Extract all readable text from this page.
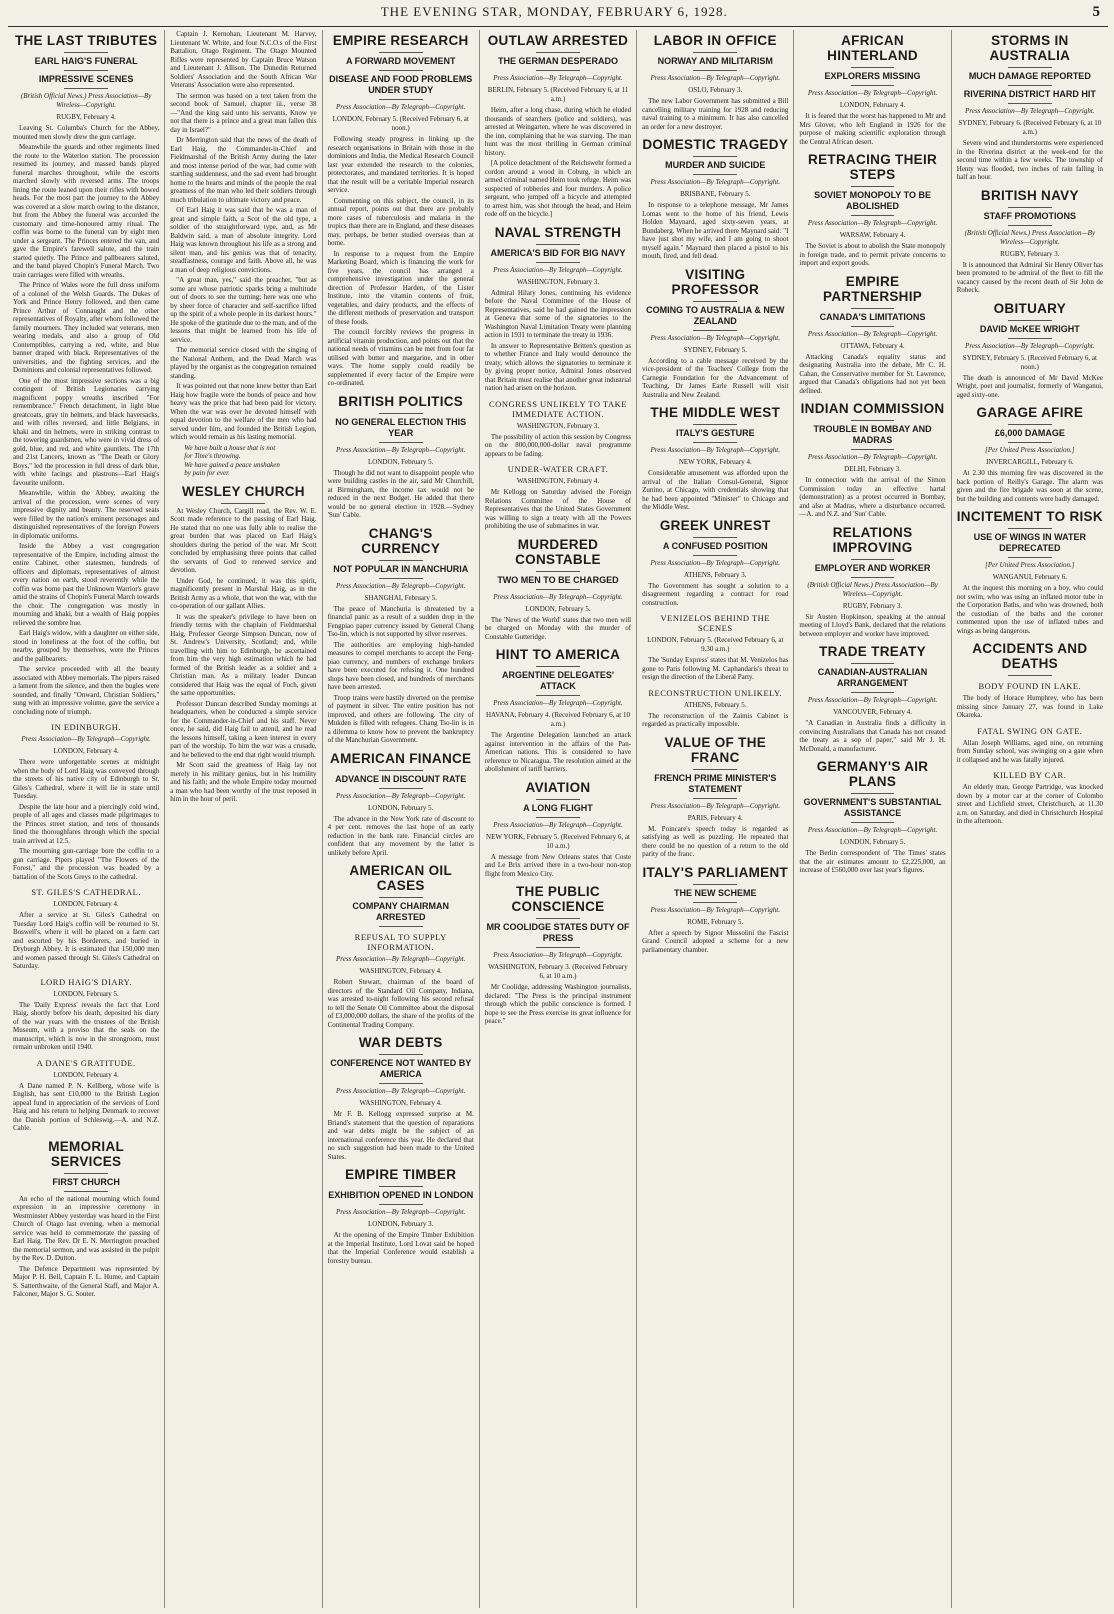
THE EVENING STAR, MONDAY, FEBRUARY 6, 1928.	5
THE LAST TRIBUTES
EARL HAIG'S FUNERAL
IMPRESSIVE SCENES
(British Official News.) Press Association—By Wireless—Copyright.
RUGBY, February 4.

Leaving St. Columba's Church for the Abbey, mounted men slowly drew the gun carriage.

Meanwhile the guards and other regiments lined the route to the Waterloo station. The procession resumed its journey, and massed bands played funeral marches throughout, while the escorts marched slowly with reversed arms. The troops lining the route leaned upon their rifles with bowed heads. For the most part the journey to the Abbey was covered at a slow march owing to the distance, but from the Abbey the funeral was accorded the customary and time-honoured army ritual. The coffin was borne to the funeral van by eight men under a sergeant. The Princes entered the van, and gave the Empire's farewell salute, and the train started quietly. The Prince and pallbearers saluted, and the band played Chopin's Funeral March. Two train carriages were filled with wreaths.

The Prince of Wales wore the full dress uniform of a colonel of the Welsh Guards. The Dukes of York and Prince Henry followed, and then came Prince Arthur of Connaught and the other representatives of Royalty, after whom followed the family mourners. They included war veterans, men wearing medals, and also a group of Old Contemptibles, carrying a red, white, and blue banner draped with black. Representatives of the universities, and the fighting services, and the Dominions and colonial representatives followed.

One of the most impressive sections was a big contingent of British Legionaries carrying magnificent poppy wreaths inscribed "For remembrance." French detachment, in light blue greatcoats, gray tin helmets, and black haversacks, and with rifles reversed, and little Belgians, in khaki and tin helmets, were in striking contrast to the towering guardsmen, who were in vivid dress of gold, blue, and red, and white gauntlets. The 17th and 21st Lancers, known as "The Death or Glory Boys," led the procession in full dress of dark blue, with white facings and plastrons—Earl Haig's favourite uniform.

Meanwhile, within the Abbey, awaiting the arrival of the procession, were scenes of very impressive dignity and beauty. The reserved seats were filled by the nation's eminent personages and distinguished representatives of the foreign Powers in diplomatic uniforms.

Inside the Abbey a vast congregation representative of the Empire, including almost the entire Cabinet, other statesmen, hundreds of officers and diplomats, representatives of almost every nation on earth, stood reverently while the coffin was borne past the Unknown Warrior's grave amid the strains of Chopin's Funeral March towards the choir. The congregation was mostly in mourning and khaki, but a wealth of Haig poppies relieved the sombre hue.

Earl Haig's widow, with a daughter on either side, stood in loneliness at the foot of the coffin, but nearby, grouped by themselves, were the Princes and the pallbearers.

The service proceeded with all the beauty associated with Abbey memorials. The pipers raised a lament from the silence, and then the bugles were sounded, and finally "Onward, Christian Soldiers," sung with an impressive volume, gave the service a concluding note of triumph.

IN EDINBURGH.
Press Association—By Telegraph—Copyright.
LONDON, February 4.

There were unforgettable scenes at midnight when the body of Lord Haig was conveyed through the streets of his native city of Edinburgh to St. Giles's Cathedral, where it will lie in state until Tuesday.

Despite the late hour and a piercingly cold wind, people of all ages and classes made pilgrimages to the Princes street station, and tens of thousands lined the thoroughfares through which the special train arrived at 12.5.

The mourning gun-carriage bore the coffin to a gun carriage. Pipers played "The Flowers of the Forest," and the procession was headed by a battalion of the Scots Greys to the cathedral.

ST. GILES'S CATHEDRAL.
LONDON, February 4.

After a service at St. Giles's Cathedral on Tuesday Lord Haig's coffin will be returned to St. Boswell's, where it will be placed on a farm cart and escorted by his Borderers, and buried in Dryburgh Abbey. It is estimated that 150,000 men and women passed through St. Giles's Cathedral on Saturday.

LORD HAIG'S DIARY.
LONDON, February 5.

The 'Daily Express' reveals the fact that Lord Haig, shortly before his death, deposited his diary of the war years with the trustees of the British Museum, with a proviso that the seals on the manuscript, which is now in the strongroom, must remain unbroken until 1940.

A DANE'S GRATITUDE.
LONDON, February 4.

A Dane named P. N. Kellberg, whose wife is English, has sent £10,000 to the British Legion appeal fund in appreciation of the services of Lord Haig and his return to helping Denmark to recover the Danish portion of Schleswig.—A. and N.Z. Cable.

MEMORIAL SERVICES
FIRST CHURCH

An echo of the national mourning which found expression in an impressive ceremony in Westminster Abbey yesterday was heard in the First Church of Otago last evening, when a memorial service was held to commemorate the passing of Earl Haig. The Rev. Dr E. N. Merrington preached the memorial sermon, and was assisted in the pulpit by the Rev. D. Dutton.

The Defence Department was represented by Major P. H. Bell, Captain F. L. Hume, and Captain S. Satterthwaite, of the General Staff, and Major A. Falconer, Major S. G. Souter.

Captain J. Kernohan, Lieutenant M. Harvey, Lieutenant W. White, and four N.C.O.s of the First Battalion, Otago Regiment. The Otago Mounted Rifles were represented by Captain Bruce Watson and Lieutenant J. Allison. The Dunedin Returned Soldiers' Association and the South African War Veterans' Association were also represented.

The sermon was based on a text taken from the second book of Samuel, chapter iii., verse 38—"And the king said unto his servants, Know ye not that there is a prince and a great man fallen this day in Israel?"

Dr Merrington said that the news of the death of Earl Haig, the Commander-in-Chief and Fieldmarshal of the British Army during the later and most intense period of the war, had come with startling suddenness, and the sad event had brought home to the hearts and minds of the people the real greatness of the man who led their soldiers through much tribulation to ultimate victory and peace.

Of Earl Haig it was said that he was a man of great and simple faith, a Scot of the old type, a soldier of the straightforward type, and, as Mr Baldwin said, a man of absolute integrity. Lord Haig was known throughout his life as a strong and silent man, and his genius was that of tenacity, steadfastness, courage and faith. Above all, he was a man of deep religious convictions.

"A great man, yes," said the preacher, "but as some are whose patriotic sparks bring a multitude out of doors to see the turning; here was one who by sheer force of character and self-sacrifice lifted up the spirit of a whole people in its darkest hours." He spoke of the gratitude due to the man, and of the lessons that might be learned from his life of service.

The memorial service closed with the singing of the National Anthem, and the Dead March was played by the organist as the congregation remained standing.

It was pointed out that none knew better than Earl Haig how fragile were the bonds of peace and how heavy was the price that had been paid for victory. When the war was over he devoted himself with equal devotion to the welfare of the men who had served under him, and founded the British Legion, which would remain as his lasting memorial.

We have built a house that is not
for Time's throwing.
We have gained a peace unshaken
by pain for ever.
WESLEY CHURCH

At Wesley Church, Cargill road, the Rev. W. E. Scott made reference to the passing of Earl Haig. He stated that no one was fully able to realise the great burden that was placed on Earl Haig's shoulders during the period of the war. Mr Scott concluded by emphasising three points that called the servants of God to renewed service and devotion.

Under God, he continued, it was this spirit, magnificently present in Marshal Haig, as in the British Army as a whole, that won the war, with the co-operation of our gallant Allies.

It was the speaker's privilege to have been on friendly terms with the chaplain of Fieldmarshal Haig, Professor George Simpson Duncan, now of St. Andrew's University, Scotland; and, while travelling with him to Edinburgh, he ascertained from him the very high estimation which he had formed of the British leader as a soldier and a Christian man. As a military leader Duncan considered that Haig was the equal of Foch, given the same opportunities.

Professor Duncan described Sunday mornings at headquarters, when he conducted a simple service for the Commander-in-Chief and his staff. Never once, he said, did Haig fail to attend, and he read the lessons himself, taking a keen interest in every part of the worship. To him the war was a crusade, and he believed to the end that right would triumph.

Mr Scott said the greatness of Haig lay not merely in his military genius, but in his humility and his faith; and the whole Empire today mourned a man who had been worthy of the trust reposed in him in the hour of peril.

EMPIRE RESEARCH
A FORWARD MOVEMENT
DISEASE AND FOOD PROBLEMS UNDER STUDY
Press Association—By Telegraph—Copyright.
LONDON, February 5. (Received February 6, at noon.)

Following steady progress in linking up the research organisations in Britain with those in the dominions and India, the Medical Research Council last year extended the research to the colonies, protectorates, and mandated territories. It is hoped that the result will be a veritable Imperial research service.

Commenting on this subject, the council, in its annual report, points out that there are probably more cases of tuberculosis and malaria in the tropics than there are in England, and these diseases may, perhaps, be better studied overseas than at home.

In response to a request from the Empire Marketing Board, which is financing the work for five years, the council has arranged a comprehensive investigation under the general direction of Professor Harden, of the Lister Institute, into the vitamin contents of fruit, vegetables, and dairy products, and the effects of the different methods of preservation and transport of these foods.

The council forcibly reviews the progress in artificial vitamin production, and points out that the national needs of vitamins can be met from four fat utilised with butter and margarine, and in other ways. The home supply could readily be supplemented if every factor of the Empire were co-ordinated.

BRITISH POLITICS
NO GENERAL ELECTION THIS YEAR
Press Association—By Telegraph—Copyright.
LONDON, February 5.

Though he did not want to disappoint people who were building castles in the air, said Mr Churchill, at Birmingham, the income tax would not be reduced in the next Budget. He added that there would be no general election in 1928.—Sydney 'Sun' Cable.

CHANG'S CURRENCY
NOT POPULAR IN MANCHURIA
Press Association—By Telegraph—Copyright.
SHANGHAI, February 5.

The peace of Manchuria is threatened by a financial panic as a result of a sudden drop in the Fengpiao paper currency issued by General Chang Tso-lin, which is not supported by silver reserves.

The authorities are employing high-handed measures to compel merchants to accept the Feng-piao currency, and numbers of exchange brokers have been executed for refusing it. One hundred shops have been closed, and hundreds of merchants have been arrested.

Troop trains were hastily diverted on the premise of payment in silver. The entire position has not improved, and others are following. The city of Mukden is filled with refugees. Chang Tso-lin is in a dilemma to know how to prevent the bankruptcy of the Manchurian Government.

AMERICAN FINANCE
ADVANCE IN DISCOUNT RATE
Press Association—By Telegraph—Copyright.
LONDON, February 5.

The advance in the New York rate of discount to 4 per cent. removes the last hope of an early reduction in the bank rate. Financial circles are confident that any movement by the latter is unlikely before April.

AMERICAN OIL CASES
COMPANY CHAIRMAN ARRESTED
REFUSAL TO SUPPLY INFORMATION.
Press Association—By Telegraph—Copyright.
WASHINGTON, February 4.

Robert Stewart, chairman of the board of directors of the Standard Oil Company, Indiana, was arrested to-night following his second refusal to tell the Senate Oil Committee about the disposal of £3,000,000 dollars, the share of the profits of the Continental Trading Company.

WAR DEBTS
CONFERENCE NOT WANTED BY AMERICA
Press Association—By Telegraph—Copyright.
WASHINGTON, February 4.

Mr F. B. Kellogg expressed surprise at M. Briand's statement that the question of reparations and war debts might be the subject of an international conference this year. He declared that no such suggestion had been made to the United States.

EMPIRE TIMBER
EXHIBITION OPENED IN LONDON
Press Association—By Telegraph—Copyright.
LONDON, February 3.

At the opening of the Empire Timber Exhibition at the Imperial Institute, Lord Lovat said he hoped that the Imperial Conference would establish a forestry bureau.

OUTLAW ARRESTED
THE GERMAN DESPERADO
Press Association—By Telegraph—Copyright.
BERLIN, February 5. (Received February 6, at 11 a.m.)

Heim, after a long chase, during which he eluded thousands of searchers (police and soldiers), was arrested at Weingarten, where he was discovered in the inn, complaining that he was starving. The man hunt was the most thrilling in German criminal history.

[A police detachment of the Reichswehr formed a cordon around a wood in Coburg, in which an armed criminal named Heim took refuge. Heim was suspected of robberies and four murders. A police sergeant, who jumped off a bicycle and attempted to arrest him, was shot through the head, and Heim rode off on the bicycle.]

NAVAL STRENGTH
AMERICA'S BID FOR BIG NAVY
Press Association—By Telegraph—Copyright.
WASHINGTON, February 3.

Admiral Hilary Jones, continuing his evidence before the Naval Committee of the House of Representatives, said he had gained the impression at Geneva that some of the signatories to the Washington Naval Limitation Treaty were planning action in 1931 to terminate the treaty in 1936.

In answer to Representative Britten's question as to whether France and Italy would denounce the treaty, which allows the signatories to terminate it by giving proper notice, Admiral Jones observed that Britain must realise that another great industrial nation had arisen on the horizon.

CONGRESS UNLIKELY TO TAKE IMMEDIATE ACTION.
WASHINGTON, February 3.

The possibility of action this session by Congress on the 800,000,000-dollar naval programme appears to be fading.

UNDER-WATER CRAFT.
WASHINGTON, February 4.

Mr Kellogg on Saturday advised the Foreign Relations Committee of the House of Representatives that the United States Government was willing to sign a treaty with all the Powers prohibiting the use of submarines in war.

MURDERED CONSTABLE
TWO MEN TO BE CHARGED
Press Association—By Telegraph—Copyright.
LONDON, February 5.

The 'News of the World' states that two men will be charged on Monday with the murder of Constable Gutteridge.

HINT TO AMERICA
ARGENTINE DELEGATES' ATTACK
Press Association—By Telegraph—Copyright.
HAVANA, February 4. (Received February 6, at 10 a.m.)

The Argentine Delegation launched an attack against intervention in the affairs of the Pan-American nations. This is considered to have reference to Nicaragua. The resolution aimed at the abolishment of tariff barriers.

AVIATION
A LONG FLIGHT
Press Association—By Telegraph—Copyright.
NEW YORK, February 5. (Received February 6, at 10 a.m.)

A message from New Orleans states that Coste and Le Brix arrived there in a two-hour non-stop flight from Mexico City.

THE PUBLIC CONSCIENCE
MR COOLIDGE STATES DUTY OF PRESS
Press Association—By Telegraph—Copyright.
WASHINGTON, February 3. (Received February 6, at 10 a.m.)

Mr Coolidge, addressing Washington journalists, declared: "The Press is the principal instrument through which the public conscience is formed. I hope to see the Press exercise its great influence for peace."

LABOR IN OFFICE
NORWAY AND MILITARISM
Press Association—By Telegraph—Copyright.
OSLO, February 3.

The new Labor Government has submitted a Bill cancelling military training for 1928 and reducing naval training to a minimum. It has also cancelled an order for a new destroyer.

DOMESTIC TRAGEDY
MURDER AND SUICIDE
Press Association—By Telegraph—Copyright.
BRISBANE, February 5.

In response to a telephone message, Mr James Lomas went to the home of his friend, Lewis Holden Maynard, aged sixty-seven years, at Bundaberg. When he arrived there Maynard said: "I have just shot my wife, and I am going to shoot myself again." Maynard then placed a pistol to his mouth, fired, and fell dead.

VISITING PROFESSOR
COMING TO AUSTRALIA & NEW ZEALAND
Press Association—By Telegraph—Copyright.
SYDNEY, February 5.

According to a cable message received by the vice-president of the Teachers' College from the Carnegie Foundation for the Advancement of Teaching, Dr James Earle Russell will visit Australia and New Zealand.

THE MIDDLE WEST
ITALY'S GESTURE
Press Association—By Telegraph—Copyright.
NEW YORK, February 4.

Considerable amusement was afforded upon the arrival of the Italian Consul-General, Signor Zunino, at Chicago, with credentials showing that he had been appointed "Minister" to Chicago and the Middle West.

GREEK UNREST
A CONFUSED POSITION
Press Association—By Telegraph—Copyright.
ATHENS, February 3.

The Government has sought a solution to a disagreement regarding a contract for road construction.

VENIZELOS BEHIND THE SCENES
LONDON, February 5. (Received February 6, at 9.30 a.m.)

The 'Sunday Express' states that M. Venizelos has gone to Paris following M. Caphandaris's threat to resign the direction of the Liberal Party.

RECONSTRUCTION UNLIKELY.
ATHENS, February 5.

The reconstruction of the Zaimis Cabinet is regarded as practically impossible.

VALUE OF THE FRANC
FRENCH PRIME MINISTER'S STATEMENT
Press Association—By Telegraph—Copyright.
PARIS, February 4.

M. Poincare's speech today is regarded as satisfying as well as puzzling. He repeated that there could be no question of a return to the old parity of the franc.

ITALY'S PARLIAMENT
THE NEW SCHEME
Press Association—By Telegraph—Copyright.
ROME, February 5.

After a speech by Signor Mussolini the Fascist Grand Council adopted a scheme for a new parliamentary chamber.

AFRICAN HINTERLAND
EXPLORERS MISSING
Press Association—By Telegraph—Copyright.
LONDON, February 4.

It is feared that the worst has happened to Mr and Mrs Glover, who left England in 1926 for the purpose of making scientific exploration through the Central African desert.

RETRACING THEIR STEPS
SOVIET MONOPOLY TO BE ABOLISHED
Press Association—By Telegraph—Copyright.
WARSAW, February 4.

The Soviet is about to abolish the State monopoly in foreign trade, and to permit private concerns to import and export goods.

EMPIRE PARTNERSHIP
CANADA'S LIMITATIONS
Press Association—By Telegraph—Copyright.
OTTAWA, February 4.

Attacking Canada's equality status and designating Australia into the debate, Mr C. H. Cahan, the Conservative member for St. Lawrence, argued that Canada's obligations had not yet been defined.

INDIAN COMMISSION
TROUBLE IN BOMBAY AND MADRAS
Press Association—By Telegraph—Copyright.
DELHI, February 3.

In connection with the arrival of the Simon Commission today an effective hartal (demonstration) as a protest occurred in Bombay, and also at Madras, where a disturbance occurred.—A. and N.Z. and 'Sun' Cable.

RELATIONS IMPROVING
EMPLOYER AND WORKER
(British Official News.) Press Association—By Wireless—Copyright.
RUGBY, February 3.

Sir Austen Hopkinson, speaking at the annual meeting of Lloyd's Bank, declared that the relations between employer and worker have improved.

TRADE TREATY
CANADIAN-AUSTRALIAN ARRANGEMENT
Press Association—By Telegraph—Copyright.
VANCOUVER, February 4.

"A Canadian in Australia finds a difficulty in convincing Australians that Canada has not created the treaty as a sop of paper," said Mr J. H. McDonald, a manufacturer.

GERMANY'S AIR PLANS
GOVERNMENT'S SUBSTANTIAL ASSISTANCE
Press Association—By Telegraph—Copyright.
LONDON, February 5.

The Berlin correspondent of 'The Times' states that the air estimates amount to £2,225,000, an increase of £560,000 over last year's figures.

STORMS IN AUSTRALIA
MUCH DAMAGE REPORTED
RIVERINA DISTRICT HARD HIT
Press Association—By Telegraph—Copyright.
SYDNEY, February 6. (Received February 6, at 10 a.m.)

Severe wind and thunderstorms were experienced in the Riverina district at the week-end for the second time within a few weeks. The township of Henty was flooded, two inches of rain falling in half an hour.

BRITISH NAVY
STAFF PROMOTIONS
(British Official News.) Press Association—By Wireless—Copyright.
RUGBY, February 3.

It is announced that Admiral Sir Henry Oliver has been promoted to be admiral of the fleet to fill the vacancy caused by the recent death of Sir John de Robeck.

OBITUARY
DAVID McKEE WRIGHT
Press Association—By Telegraph—Copyright.
SYDNEY, February 5. (Received February 6, at noon.)

The death is announced of Mr David McKee Wright, poet and journalist, formerly of Wanganui, aged sixty-one.

GARAGE AFIRE
£6,000 DAMAGE
[Per United Press Association.]
INVERCARGILL, February 6.

At 2.30 this morning fire was discovered in the back portion of Reilly's Garage. The alarm was given and the fire brigade was soon at the scene, but the building and contents were badly damaged.

INCITEMENT TO RISK
USE OF WINGS IN WATER DEPRECATED
[Per United Press Association.]
WANGANUI, February 6.

At the inquest this morning on a boy, who could not swim, who was using an inflated motor tube in the Corporation Baths, and who was drowned, both the custodian of the baths and the coroner commented upon the use of inflated tubes and wings as being dangerous.

ACCIDENTS AND DEATHS
BODY FOUND IN LAKE.

The body of Horace Humphrey, who has been missing since January 27, was found in Lake Okareka.

FATAL SWING ON GATE.

Allan Joseph Williams, aged nine, on returning from Sunday school, was swinging on a gate when it collapsed and he was fatally injured.

KILLED BY CAR.

An elderly man, George Partridge, was knocked down by a motor car at the corner of Colombo street and Lichfield street, Christchurch, at 11.30 a.m. on Saturday, and died in Christchurch Hospital in the afternoon.
